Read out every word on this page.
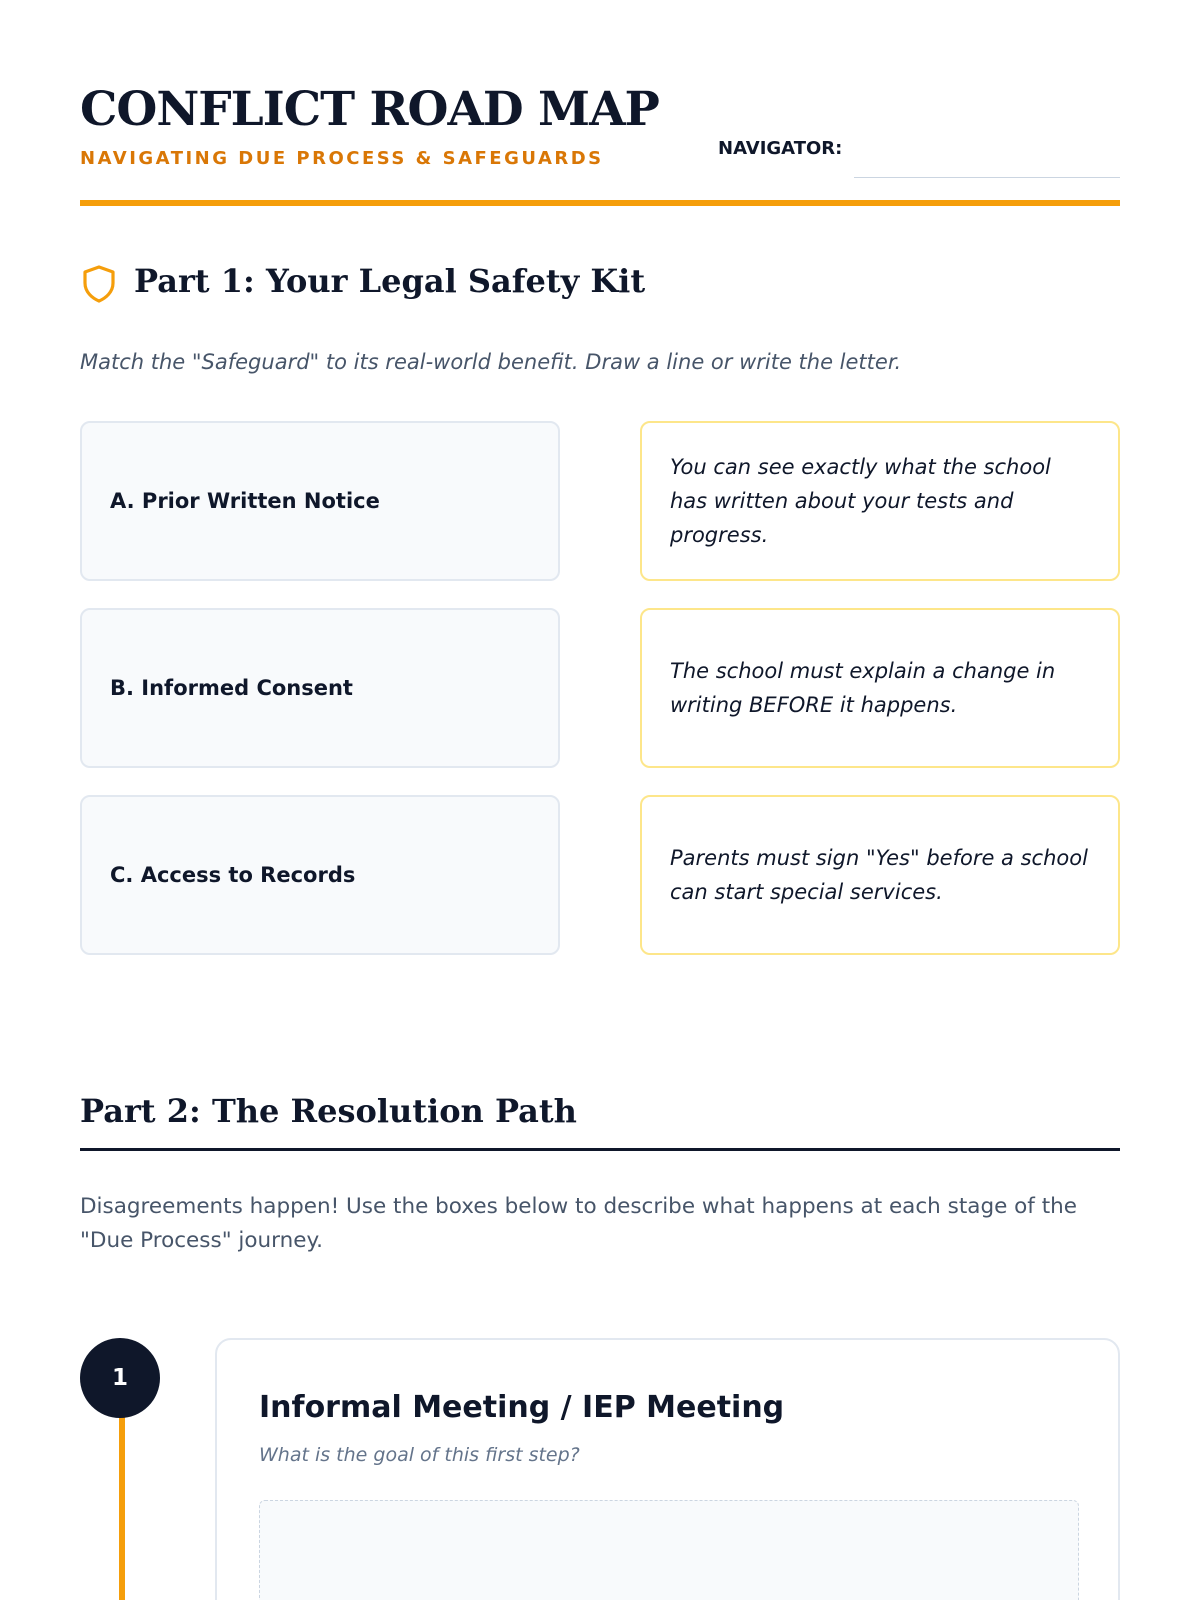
CONFLICT ROAD MAP
NAVIGATING DUE PROCESS & SAFEGUARDS	NAVIGATOR:
Part 1: Your Legal Safety Kit
Match the "Safeguard" to its real-world benefit. Draw a line or write the letter.
A. Prior Written Notice
B. Informed Consent
C. Access to Records
You can see exactly what the school has written about your tests and progress.
The school must explain a change in writing BEFORE it happens.
Parents must sign "Yes" before a school can start special services.
Part 2: The Resolution Path
Disagreements happen! Use the boxes below to describe what happens at each stage of the "Due Process" journey.
1
Informal Meeting / IEP Meeting
What is the goal of this first step?
